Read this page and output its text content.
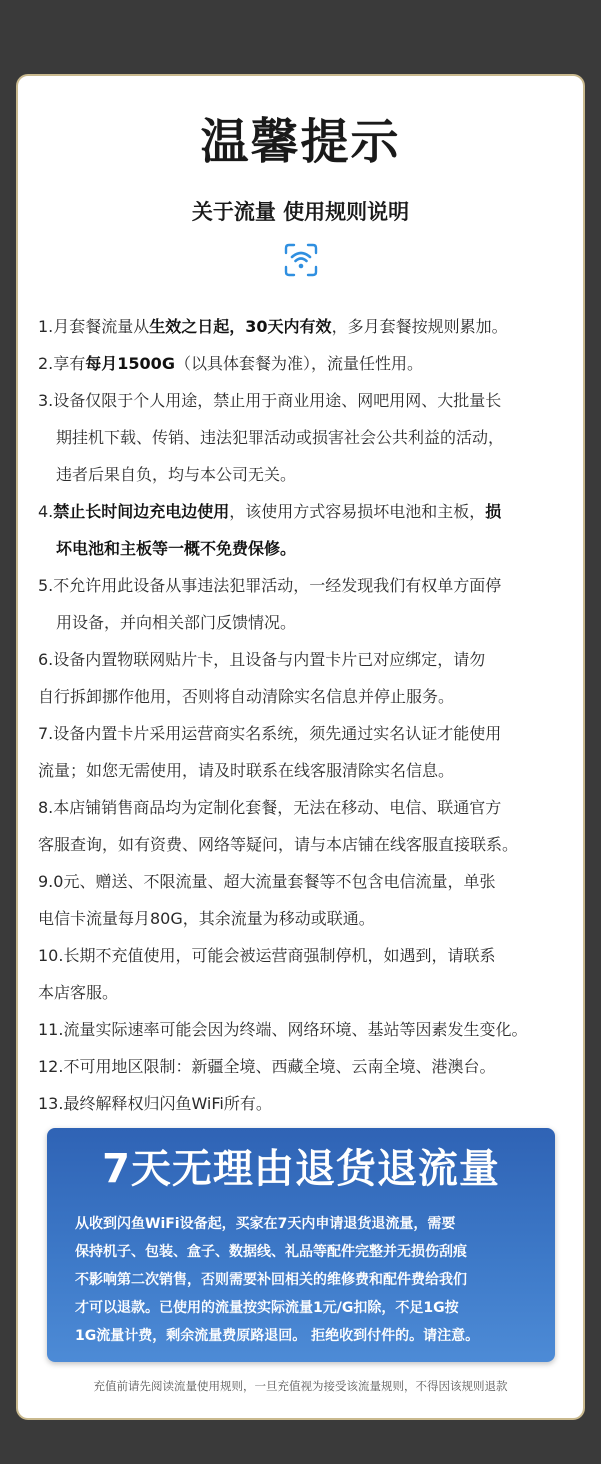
温馨提示
关于流量 使用规则说明

1.月套餐流量从生效之日起，30天内有效，多月套餐按规则累加。

2.享有每月1500G（以具体套餐为准），流量任性用。

3.设备仅限于个人用途，禁止用于商业用途、网吧用网、大批量长

期挂机下载、传销、违法犯罪活动或损害社会公共利益的活动，

违者后果自负，均与本公司无关。

4.禁止长时间边充电边使用，该使用方式容易损坏电池和主板，损

坏电池和主板等一概不免费保修。

5.不允许用此设备从事违法犯罪活动，一经发现我们有权单方面停

用设备，并向相关部门反馈情况。

6.设备内置物联网贴片卡，且设备与内置卡片已对应绑定，请勿

自行拆卸挪作他用，否则将自动清除实名信息并停止服务。

7.设备内置卡片采用运营商实名系统，须先通过实名认证才能使用

流量；如您无需使用，请及时联系在线客服清除实名信息。

8.本店铺销售商品均为定制化套餐，无法在移动、电信、联通官方

客服查询，如有资费、网络等疑问，请与本店铺在线客服直接联系。

9.0元、赠送、不限流量、超大流量套餐等不包含电信流量，单张

电信卡流量每月80G，其余流量为移动或联通。

10.长期不充值使用，可能会被运营商强制停机，如遇到，请联系

本店客服。

11.流量实际速率可能会因为终端、网络环境、基站等因素发生变化。

12.不可用地区限制：新疆全境、西藏全境、云南全境、港澳台。

13.最终解释权归闪鱼WiFi所有。

7天无理由退货退流量
从收到闪鱼WiFi设备起，买家在7天内申请退货退流量，需要
保持机子、包装、盒子、数据线、礼品等配件完整并无损伤刮痕
不影响第二次销售，否则需要补回相关的维修费和配件费给我们
才可以退款。已使用的流量按实际流量1元/G扣除，不足1G按
1G流量计费，剩余流量费原路退回。 拒绝收到付件的。请注意。
充值前请先阅读流量使用规则，一旦充值视为接受该流量规则，不得因该规则退款
